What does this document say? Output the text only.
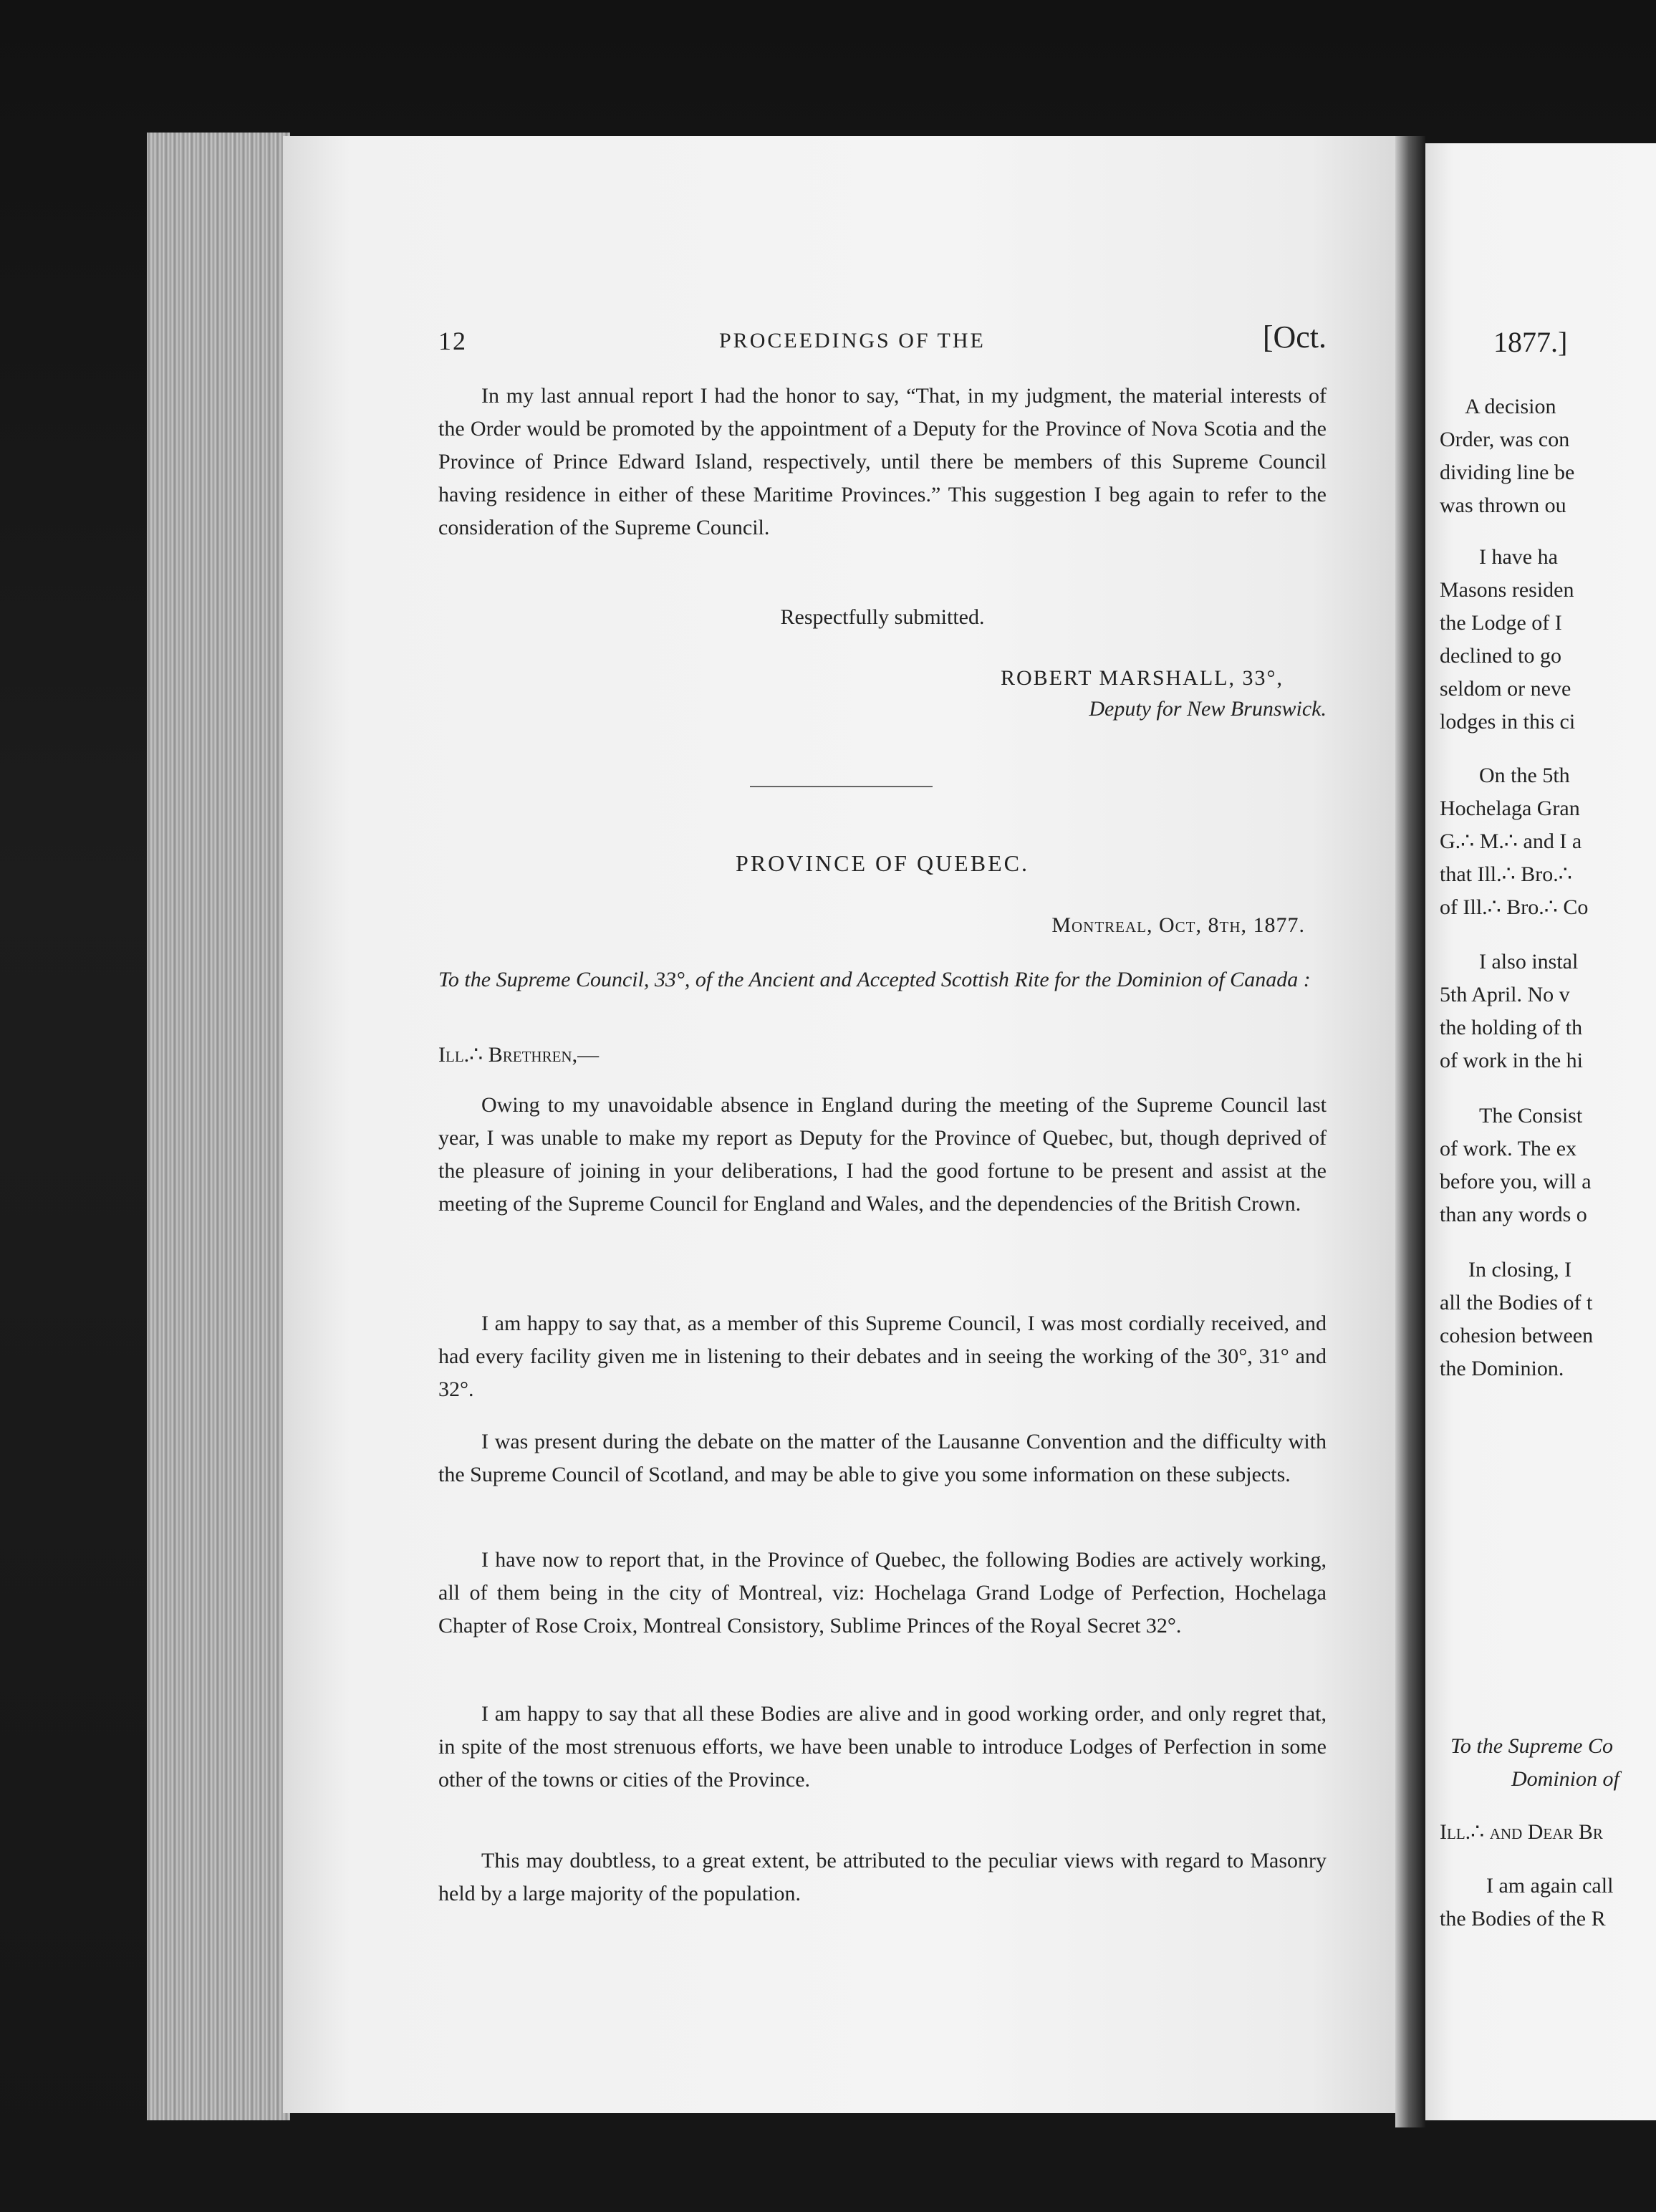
12	PROCEEDINGS OF THE	[Oct.

In my last annual report I had the honor to say, “That, in my judgment, the material interests of the Order would be promoted by the appointment of a Deputy for the Province of Nova Scotia and the Province of Prince Edward Island, respectively, until there be members of this Supreme Council having residence in either of these Maritime Provinces.” This suggestion I beg again to refer to the consideration of the Supreme Council.

Respectfully submitted.
ROBERT MARSHALL, 33°,
Deputy for New Brunswick.
PROVINCE OF QUEBEC.
Montreal, Oct, 8th, 1877.
To the Supreme Council, 33°, of the Ancient and Accepted Scottish Rite for the Dominion of Canada :
Ill.∴ Brethren,—

Owing to my unavoidable absence in England during the meeting of the Supreme Council last year, I was unable to make my report as Deputy for the Province of Quebec, but, though deprived of the pleasure of joining in your deliberations, I had the good fortune to be present and assist at the meeting of the Supreme Council for England and Wales, and the dependencies of the British Crown.

I am happy to say that, as a member of this Supreme Council, I was most cordially received, and had every facility given me in listening to their debates and in seeing the working of the 30°, 31° and 32°.

I was present during the debate on the matter of the Lausanne Convention and the difficulty with the Supreme Council of Scotland, and may be able to give you some information on these subjects.

I have now to report that, in the Province of Quebec, the following Bodies are actively working, all of them being in the city of Montreal, viz: Hochelaga Grand Lodge of Perfection, Hochelaga Chapter of Rose Croix, Montreal Consistory, Sublime Princes of the Royal Secret 32°.

I am happy to say that all these Bodies are alive and in good working order, and only regret that, in spite of the most strenuous efforts, we have been unable to introduce Lodges of Perfection in some other of the towns or cities of the Province.

This may doubtless, to a great extent, be attributed to the peculiar views with regard to Masonry held by a large majority of the population.

1877.]
A decision
Order, was con
dividing line be
was thrown ou
I have ha
Masons residen
the Lodge of I
declined to go
seldom or neve
lodges in this ci
On the 5th
Hochelaga Gran
G.∴ M.∴ and I a
that Ill.∴ Bro.∴
of Ill.∴ Bro.∴ Co
I also instal
5th April. No v
the holding of th
of work in the hi
The Consist
of work. The ex
before you, will a
than any words o
In closing, I
all the Bodies of t
cohesion between
the Dominion.
To the Supreme Co
Dominion of
Ill.∴ and Dear Br
I am again call
the Bodies of the R
